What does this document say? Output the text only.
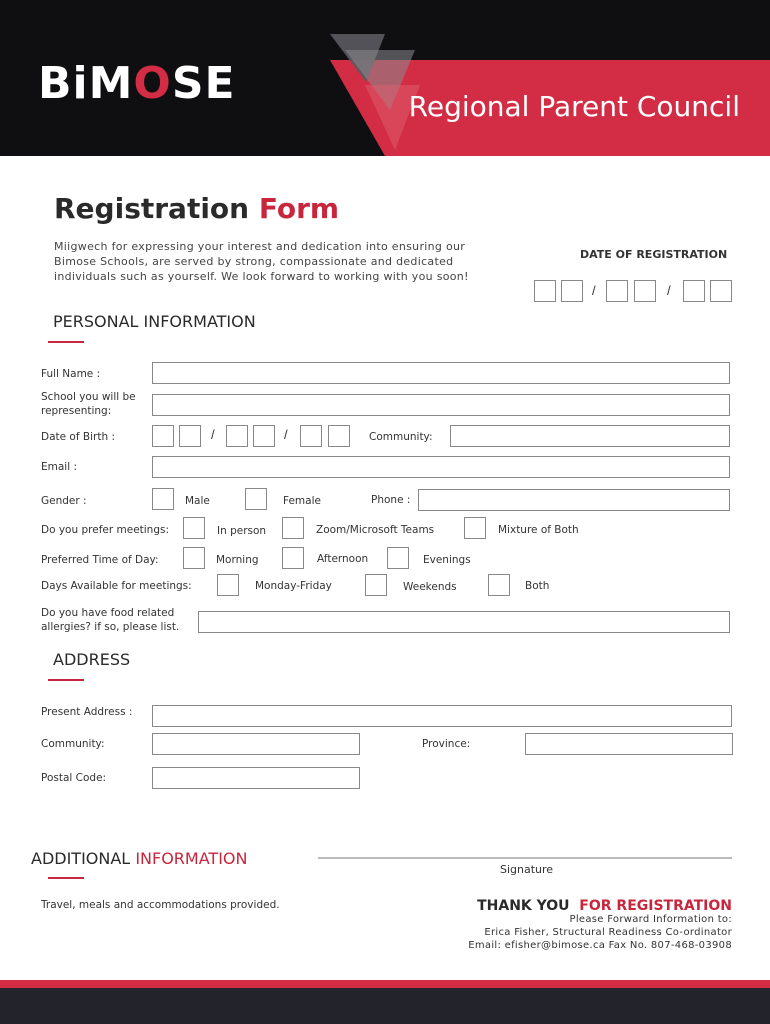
BiMOSE	Regional Parent Council
Registration Form
Miigwech for expressing your interest and dedication into ensuring our Bimose Schools, are served by strong, compassionate and dedicated individuals such as yourself. We look forward to working with you soon!
DATE OF REGISTRATION
/	/
PERSONAL INFORMATION
Full Name :
School you will be representing:
Date of Birth :	/	/	Community:
Email :
Gender :	Male	Female	Phone :
Do you prefer meetings:	In person	Zoom/Microsoft Teams	Mixture of Both
Preferred Time of Day:	Morning	Afternoon	Evenings
Days Available for meetings:	Monday-Friday	Weekends	Both
Do you have food related allergies? if so, please list.
ADDRESS
Present Address :
Community:	Province:
Postal Code:
ADDITIONAL INFORMATION
Travel, meals and accommodations provided.
Signature
THANK YOU FOR REGISTRATION
Please Forward Information to:
Erica Fisher, Structural Readiness Co-ordinator
Email: efisher@bimose.ca Fax No. 807-468-03908
